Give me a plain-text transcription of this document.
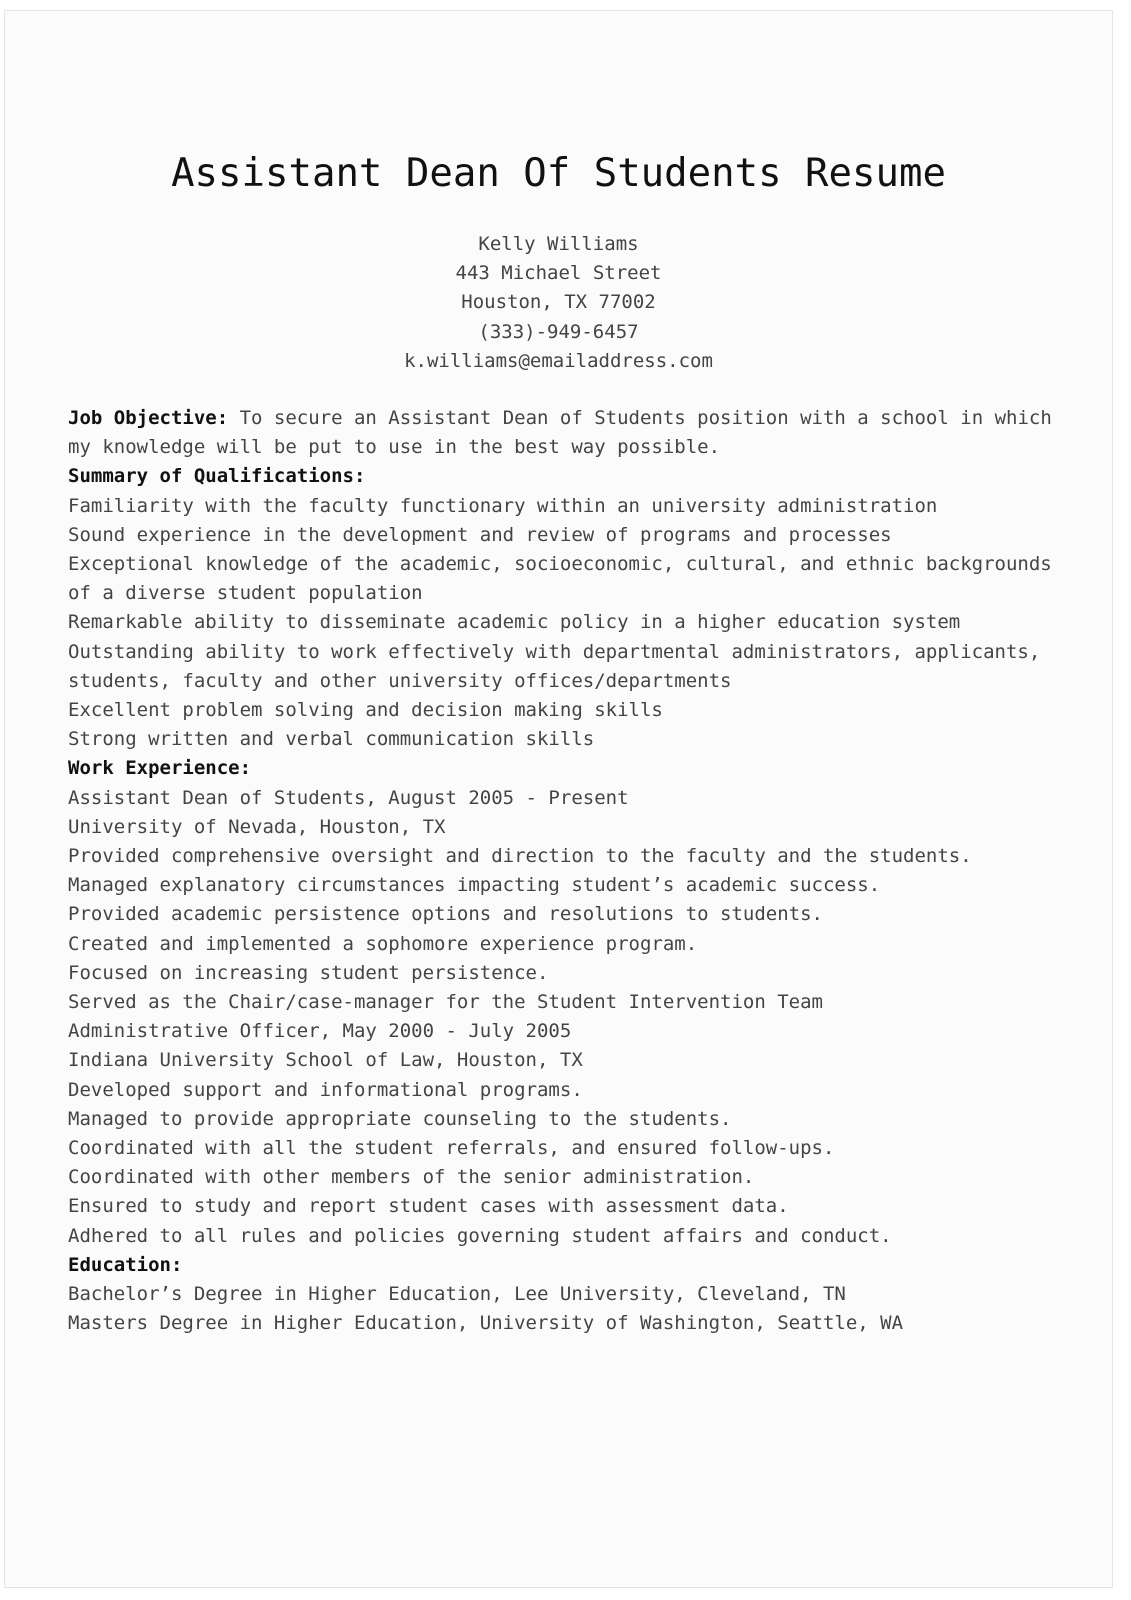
Assistant Dean Of Students Resume
Kelly Williams
443 Michael Street
Houston, TX 77002
(333)-949-6457
k.williams@emailaddress.com
Job Objective: To secure an Assistant Dean of Students position with a school in which my knowledge will be put to use in the best way possible.
Summary of Qualifications:
Familiarity with the faculty functionary within an university administration
Sound experience in the development and review of programs and processes
Exceptional knowledge of the academic, socioeconomic, cultural, and ethnic backgrounds of a diverse student population
Remarkable ability to disseminate academic policy in a higher education system
Outstanding ability to work effectively with departmental administrators, applicants, students, faculty and other university offices/departments
Excellent problem solving and decision making skills
Strong written and verbal communication skills
Work Experience:
Assistant Dean of Students, August 2005 - Present
University of Nevada, Houston, TX
Provided comprehensive oversight and direction to the faculty and the students.
Managed explanatory circumstances impacting student’s academic success.
Provided academic persistence options and resolutions to students.
Created and implemented a sophomore experience program.
Focused on increasing student persistence.
Served as the Chair/case-manager for the Student Intervention Team
Administrative Officer, May 2000 - July 2005
Indiana University School of Law, Houston, TX
Developed support and informational programs.
Managed to provide appropriate counseling to the students.
Coordinated with all the student referrals, and ensured follow-ups.
Coordinated with other members of the senior administration.
Ensured to study and report student cases with assessment data.
Adhered to all rules and policies governing student affairs and conduct.
Education:
Bachelor’s Degree in Higher Education, Lee University, Cleveland, TN
Masters Degree in Higher Education, University of Washington, Seattle, WA
